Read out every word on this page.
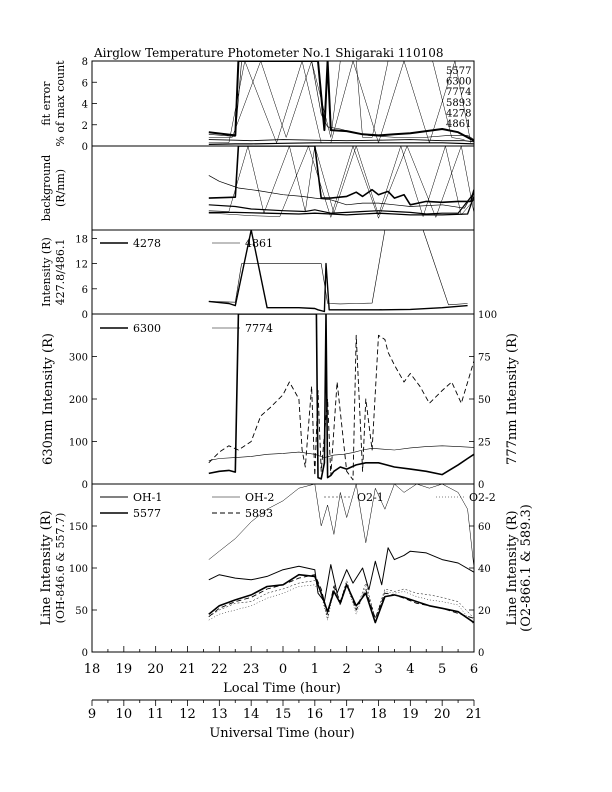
Airglow Temperature Photometer No.1 Shigaraki 110108
0
2
4
6
8
fit error % of max count	5577
6300
7774
5893
4278
4861
background (R/nm)
0
6
12
18
Intensity (R) 427.8/486.1	4278	4861
0
100
200
300
0
25
50
75
100
630nm Intensity (R)	777nm Intensity (R)
6300	7774
0
50
100
150
0
20
40
60
Line Intensity (R) (OH-846.6 & 557.7)	Line Intensity (R) (O2-866.1 & 589.3)
OH-1	OH-2	O2-1	O2-2
5577	5893
18 19 20 21 22 23 0 1 2 3 4 5 6
9 10 11 12 13 14 15 16 17 18 19 20 21
Local Time (hour)
Universal Time (hour)
